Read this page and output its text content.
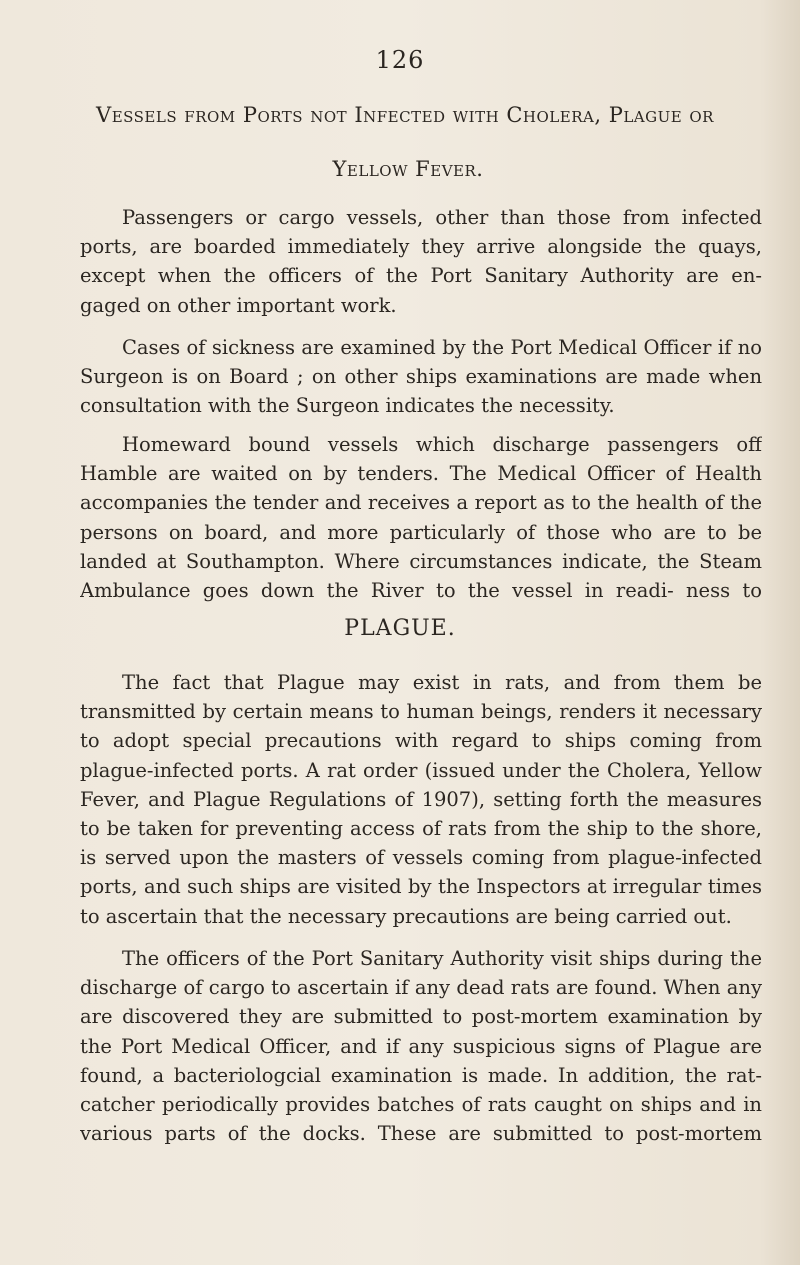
126
Vessels from Ports not Infected with Cholera, Plague or
Yellow Fever.

Passengers or cargo vessels, other than those from infected ports, are boarded immediately they arrive alongside the quays, except when the officers of the Port Sanitary Authority are en- gaged on other important work.

Cases of sickness are examined by the Port Medical Officer if no Surgeon is on Board ; on other ships examinations are made when consultation with the Surgeon indicates the necessity.

Homeward bound vessels which discharge passengers off Hamble are waited on by tenders. The Medical Officer of Health accompanies the tender and receives a report as to the health of the persons on board, and more particularly of those who are to be landed at Southampton. Where circumstances indicate, the Steam Ambulance goes down the River to the vessel in readi- ness to

PLAGUE.

The fact that Plague may exist in rats, and from them be transmitted by certain means to human beings, renders it necessary to adopt special precautions with regard to ships coming from plague-infected ports. A rat order (issued under the Cholera, Yellow Fever, and Plague Regulations of 1907), setting forth the measures to be taken for preventing access of rats from the ship to the shore, is served upon the masters of vessels coming from plague-infected ports, and such ships are visited by the Inspectors at irregular times to ascertain that the necessary precautions are being carried out.

The officers of the Port Sanitary Authority visit ships during the discharge of cargo to ascertain if any dead rats are found. When any are discovered they are submitted to post-mortem examination by the Port Medical Officer, and if any suspicious signs of Plague are found, a bacteriologcial examination is made. In addition, the rat-catcher periodically provides batches of rats caught on ships and in various parts of the docks. These are submitted to post-mortem
